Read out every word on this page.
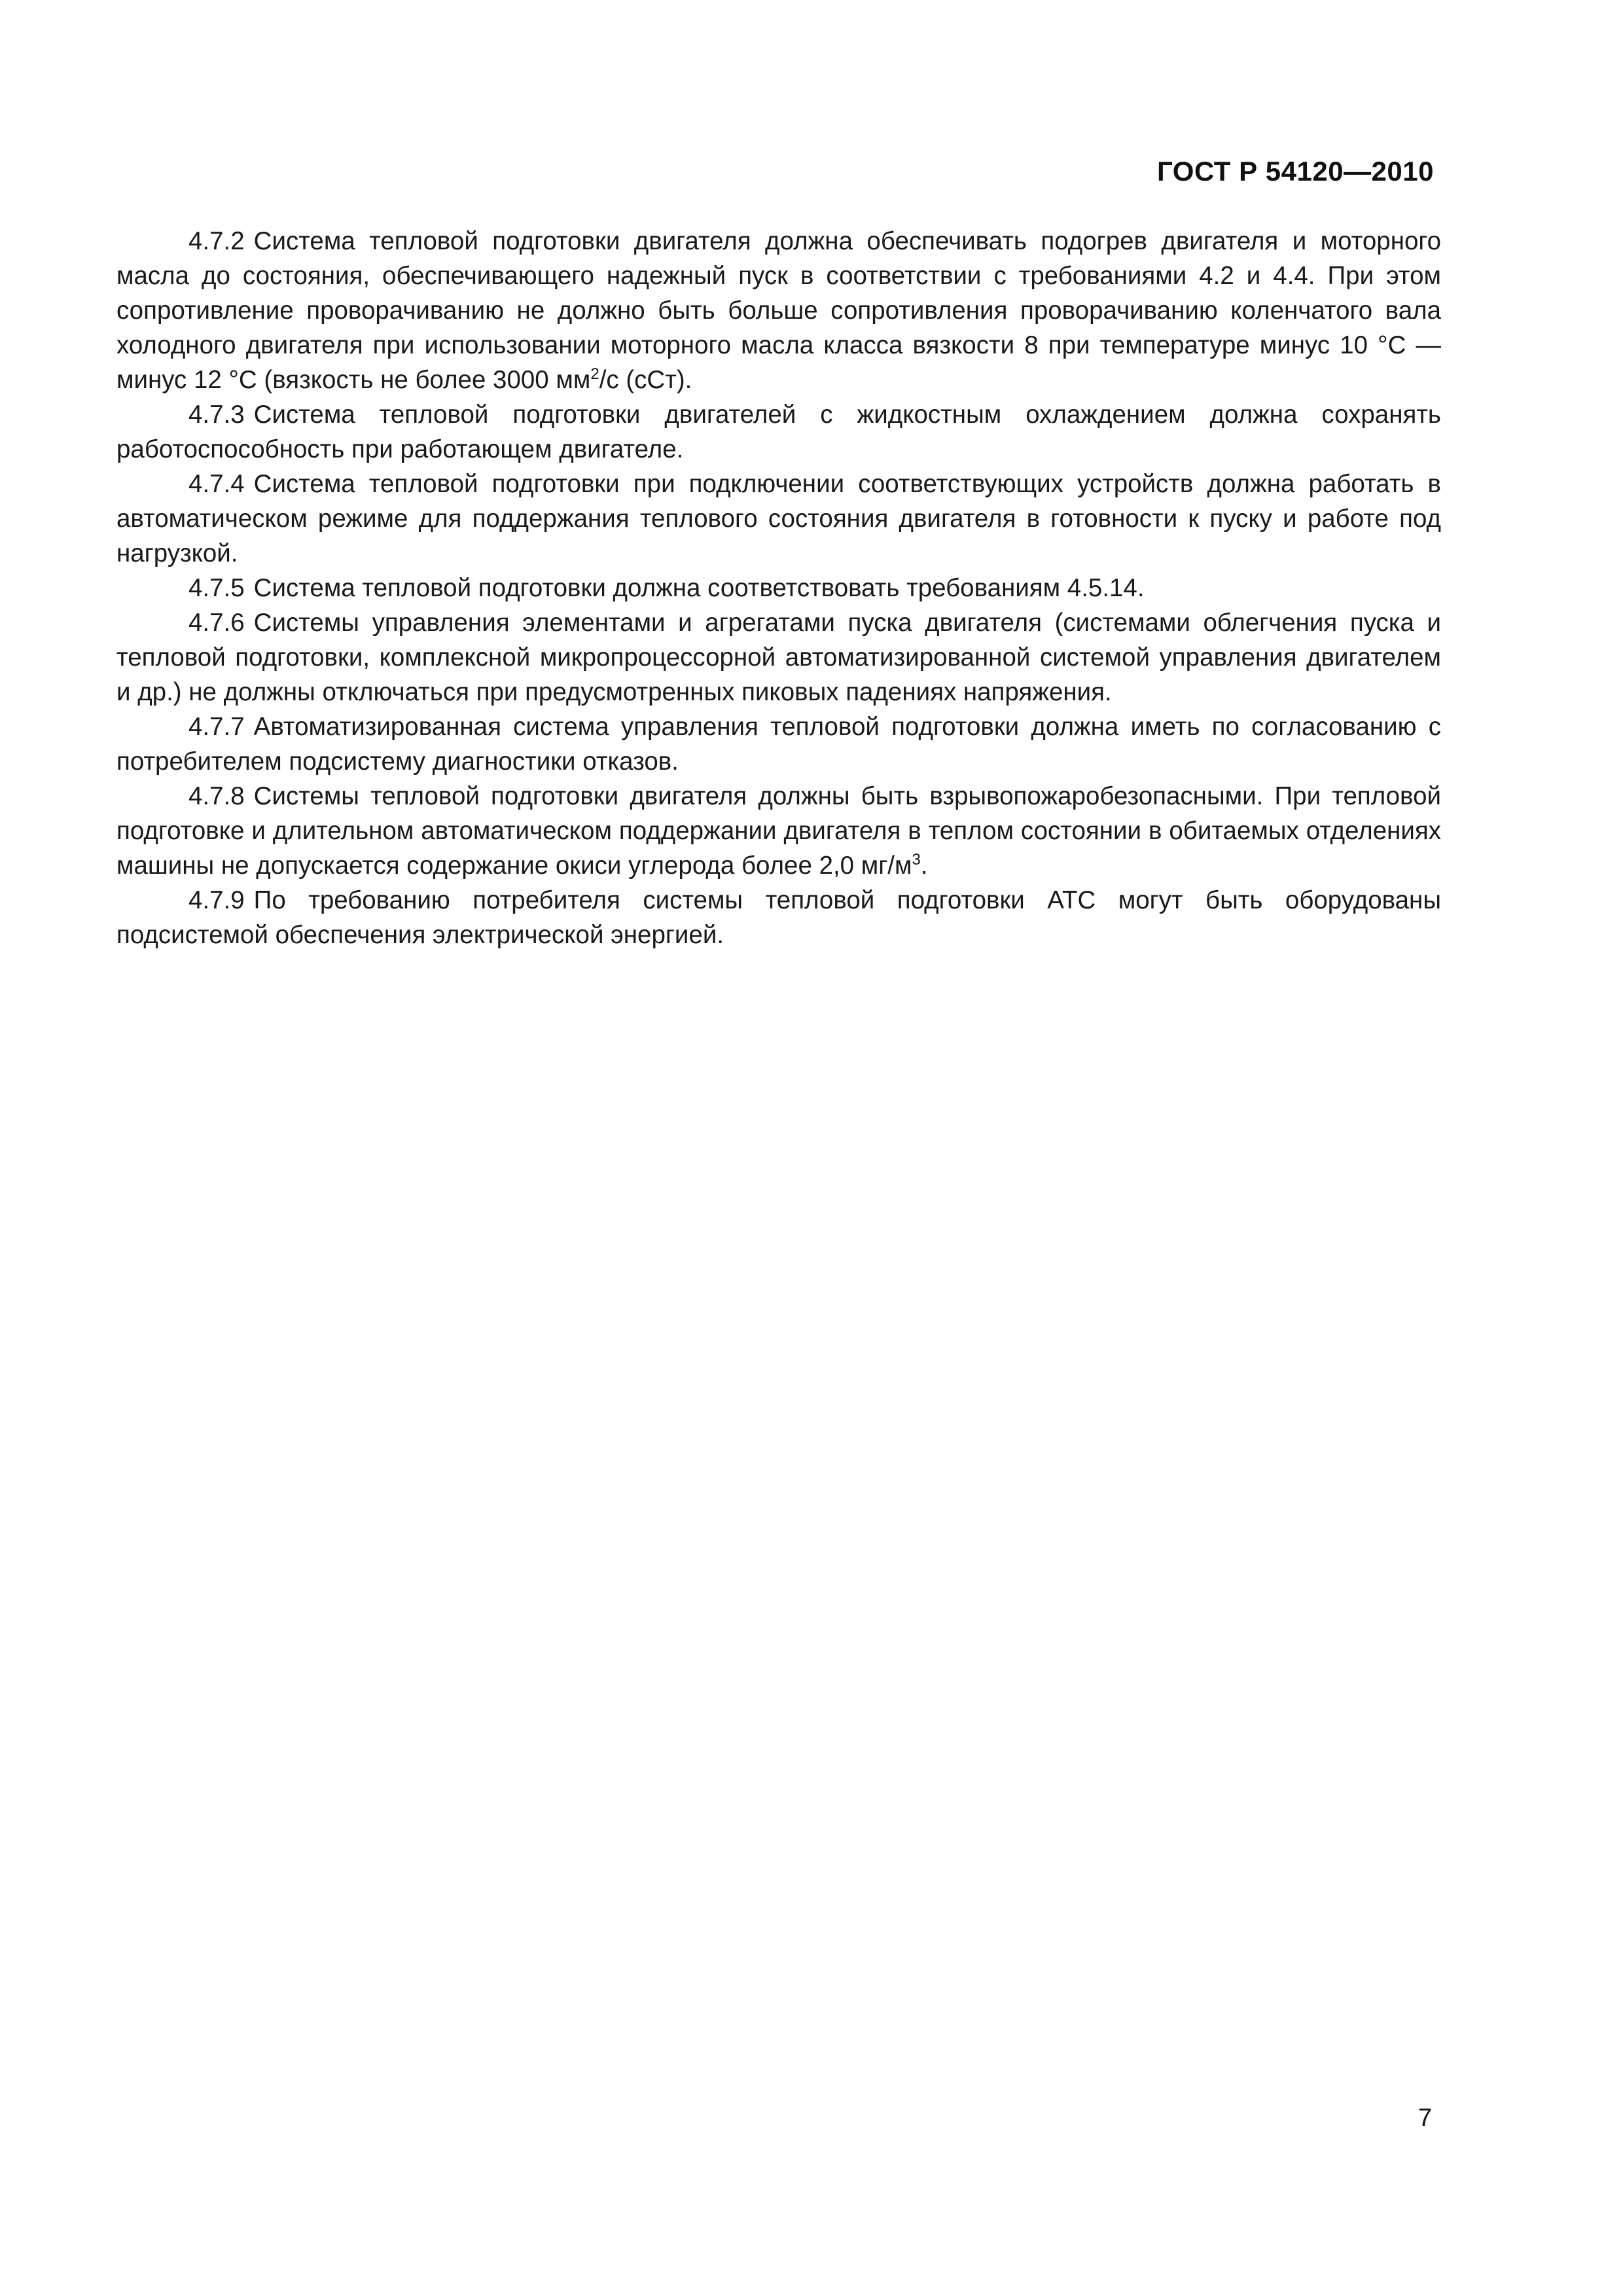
ГОСТ Р 54120—2010

4.7.2 Система тепловой подготовки двигателя должна обеспечивать подогрев двигателя и моторного масла до состояния, обеспечивающего надежный пуск в соответствии с требованиями 4.2 и 4.4. При этом сопротивление проворачиванию не должно быть больше сопротивления проворачиванию коленчатого вала холодного двигателя при использовании моторного масла класса вязкости 8 при температуре минус 10 °С — минус 12 °С (вязкость не более 3000 $мм^2/с$ (сСт).

4.7.3 Система тепловой подготовки двигателей с жидкостным охлаждением должна сохранять работоспособность при работающем двигателе.

4.7.4 Система тепловой подготовки при подключении соответствующих устройств должна работать в автоматическом режиме для поддержания теплового состояния двигателя в готовности к пуску и работе под нагрузкой.

4.7.5 Система тепловой подготовки должна соответствовать требованиям 4.5.14.

4.7.6 Системы управления элементами и агрегатами пуска двигателя (системами облегчения пуска и тепловой подготовки, комплексной микропроцессорной автоматизированной системой управления двигателем и др.) не должны отключаться при предусмотренных пиковых падениях напряжения.

4.7.7 Автоматизированная система управления тепловой подготовки должна иметь по согласованию с потребителем подсистему диагностики отказов.

4.7.8 Системы тепловой подготовки двигателя должны быть взрывопожаробезопасными. При тепловой подготовке и длительном автоматическом поддержании двигателя в теплом состоянии в обитаемых отделениях машины не допускается содержание окиси углерода более 2,0 $мг/м^3$.

4.7.9 По требованию потребителя системы тепловой подготовки АТС могут быть оборудованы подсистемой обеспечения электрической энергией.

7
